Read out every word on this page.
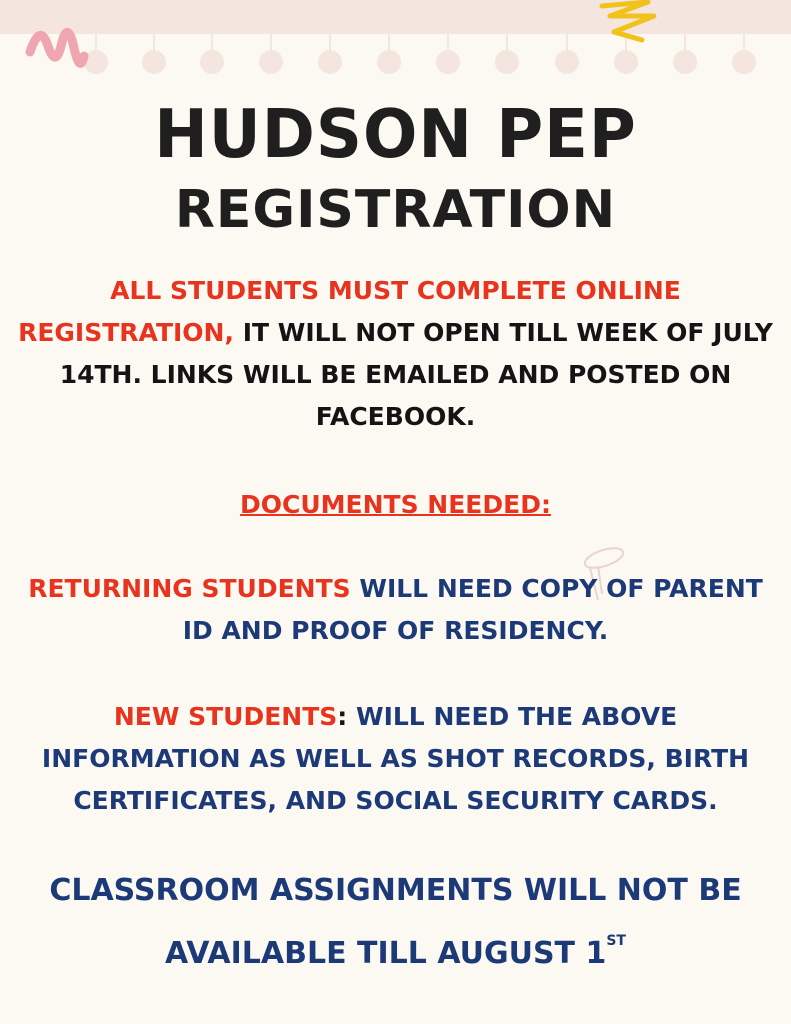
HUDSON PEP
REGISTRATION
ALL STUDENTS MUST COMPLETE ONLINE REGISTRATION, IT WILL NOT OPEN TILL WEEK OF JULY 14TH. LINKS WILL BE EMAILED AND POSTED ON FACEBOOK.
DOCUMENTS NEEDED:
RETURNING STUDENTS WILL NEED COPY OF PARENT ID AND PROOF OF RESIDENCY.
NEW STUDENTS: WILL NEED THE ABOVE INFORMATION AS WELL AS SHOT RECORDS, BIRTH CERTIFICATES, AND SOCIAL SECURITY CARDS.
CLASSROOM ASSIGNMENTS WILL NOT BE AVAILABLE TILL AUGUST 1ST
